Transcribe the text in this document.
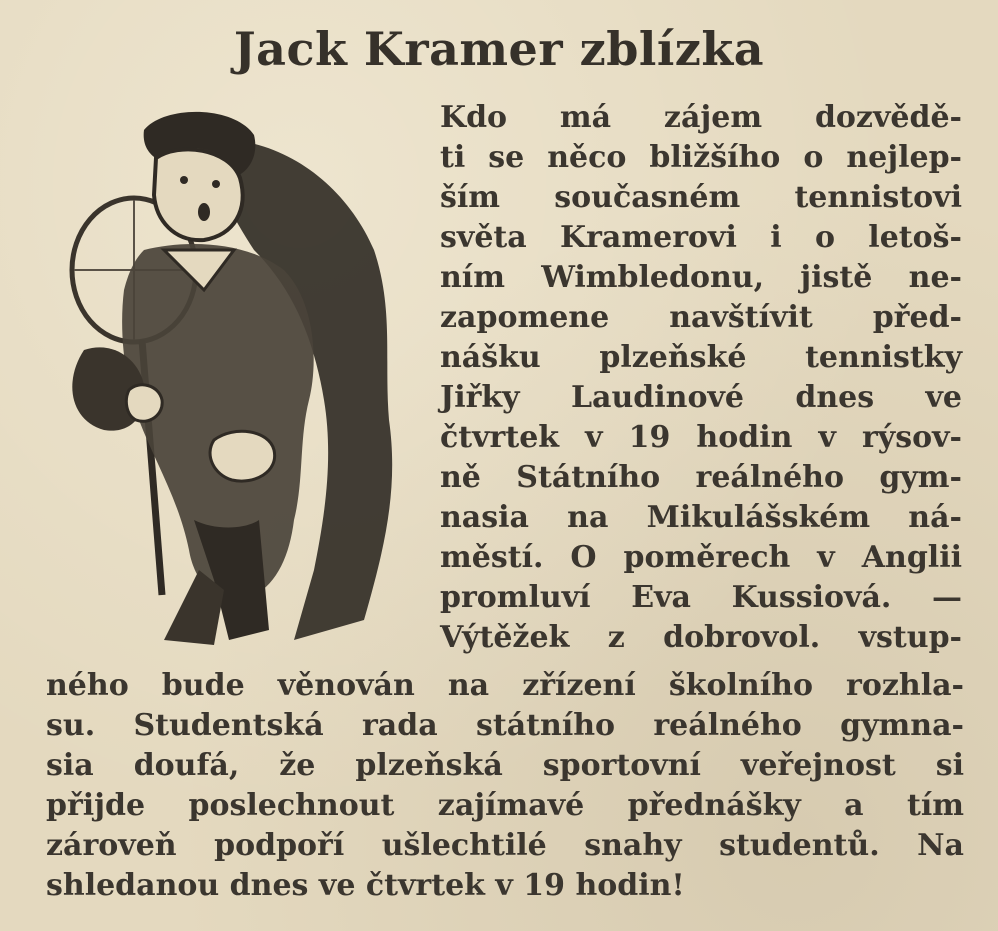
Jack Kramer zblízka
Kdo má zájem dozvědě-
ti se něco bližšího o nejlep-
ším současném tennistovi
světa Kramerovi i o letoš-
ním Wimbledonu, jistě ne-
zapomene navštívit před-
nášku plzeňské tennistky
Jiřky Laudinové dnes ve
čtvrtek v 19 hodin v rýsov-
ně Státního reálného gym-
nasia na Mikulášském ná-
městí. O poměrech v Anglii
promluví Eva Kussiová. —
Výtěžek z dobrovol. vstup-
ného bude věnován na zřízení školního rozhla-
su. Studentská rada státního reálného gymna-
sia doufá, že plzeňská sportovní veřejnost si
přijde poslechnout zajímavé přednášky a tím
zároveň podpoří ušlechtilé snahy studentů. Na
shledanou dnes ve čtvrtek v 19 hodin!
